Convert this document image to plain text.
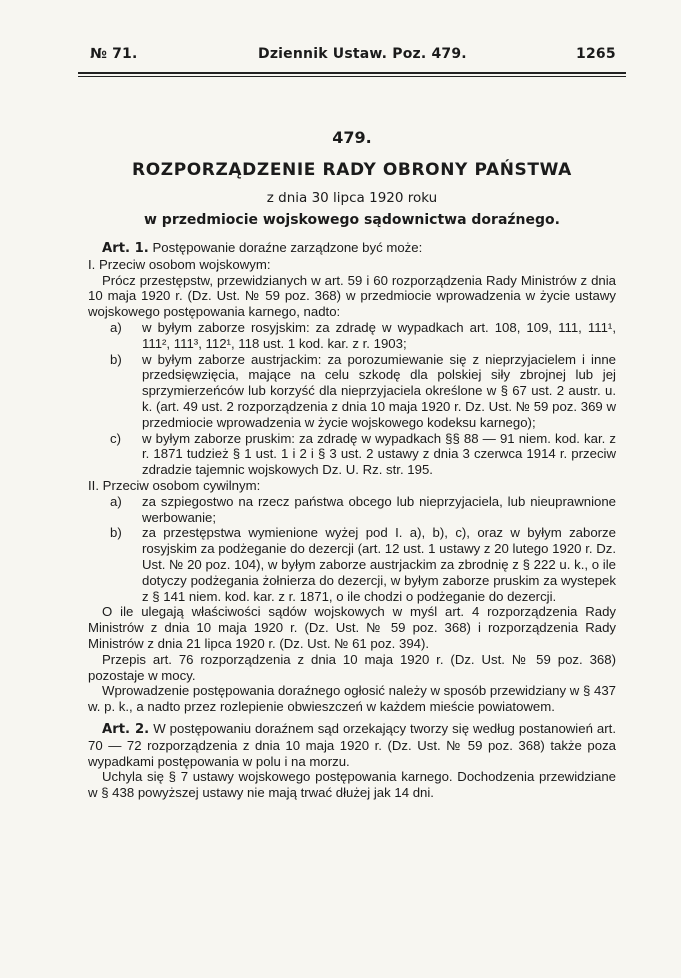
№ 71.	Dziennik Ustaw. Poz. 479.	1265
479.
ROZPORZĄDZENIE RADY OBRONY PAŃSTWA
z dnia 30 lipca 1920 roku
w przedmiocie wojskowego sądownictwa doraźnego.

Art. 1. Postępowanie doraźne zarządzone być może:

I. Przeciw osobom wojskowym:

Prócz przestępstw, przewidzianych w art. 59 i 60 rozporządzenia Rady Ministrów z dnia 10 maja 1920 r. (Dz. Ust. № 59 poz. 368) w przedmiocie wprowadzenia w życie ustawy wojskowego postępowania karnego, nadto:

a) w byłym zaborze rosyjskim: za zdradę w wypadkach art. 108, 109, 111, 111¹, 111², 111³, 112¹, 118 ust. 1 kod. kar. z r. 1903;

b) w byłym zaborze austrjackim: za porozumiewanie się z nieprzyjacielem i inne przedsięwzięcia, mające na celu szkodę dla polskiej siły zbrojnej lub jej sprzymierzeńców lub korzyść dla nieprzyjaciela określone w § 67 ust. 2 austr. u. k. (art. 49 ust. 2 rozporządzenia z dnia 10 maja 1920 r. Dz. Ust. № 59 poz. 369 w przedmiocie wprowadzenia w życie wojskowego kodeksu karnego);

c) w byłym zaborze pruskim: za zdradę w wypadkach §§ 88 — 91 niem. kod. kar. z r. 1871 tudzież § 1 ust. 1 i 2 i § 3 ust. 2 ustawy z dnia 3 czerwca 1914 r. przeciw zdradzie tajemnic wojskowych Dz. U. Rz. str. 195.

II. Przeciw osobom cywilnym:

a) za szpiegostwo na rzecz państwa obcego lub nieprzyjaciela, lub nieuprawnione werbowanie;

b) za przestępstwa wymienione wyżej pod I. a), b), c), oraz w byłym zaborze rosyjskim za podżeganie do dezercji (art. 12 ust. 1 ustawy z 20 lutego 1920 r. Dz. Ust. № 20 poz. 104), w byłym zaborze austrjackim za zbrodnię z § 222 u. k., o ile dotyczy podżegania żołnierza do dezercji, w byłym zaborze pruskim za wystepek z § 141 niem. kod. kar. z r. 1871, o ile chodzi o podżeganie do dezercji.

O ile ulegają właściwości sądów wojskowych w myśl art. 4 rozporządzenia Rady Ministrów z dnia 10 maja 1920 r. (Dz. Ust. № 59 poz. 368) i rozporządzenia Rady Ministrów z dnia 21 lipca 1920 r. (Dz. Ust. № 61 poz. 394).

Przepis art. 76 rozporządzenia z dnia 10 maja 1920 r. (Dz. Ust. № 59 poz. 368) pozostaje w mocy.

Wprowadzenie postępowania doraźnego ogłosić należy w sposób przewidziany w § 437 w. p. k., a nadto przez rozlepienie obwieszczeń w każdem mieście powiatowem.

Art. 2. W postępowaniu doraźnem sąd orzekający tworzy się według postanowień art. 70 — 72 rozporządzenia z dnia 10 maja 1920 r. (Dz. Ust. № 59 poz. 368) także poza wypadkami postępowania w polu i na morzu.

Uchyla się § 7 ustawy wojskowego postępowania karnego. Dochodzenia przewidziane w § 438 powyższej ustawy nie mają trwać dłużej jak 14 dni.
